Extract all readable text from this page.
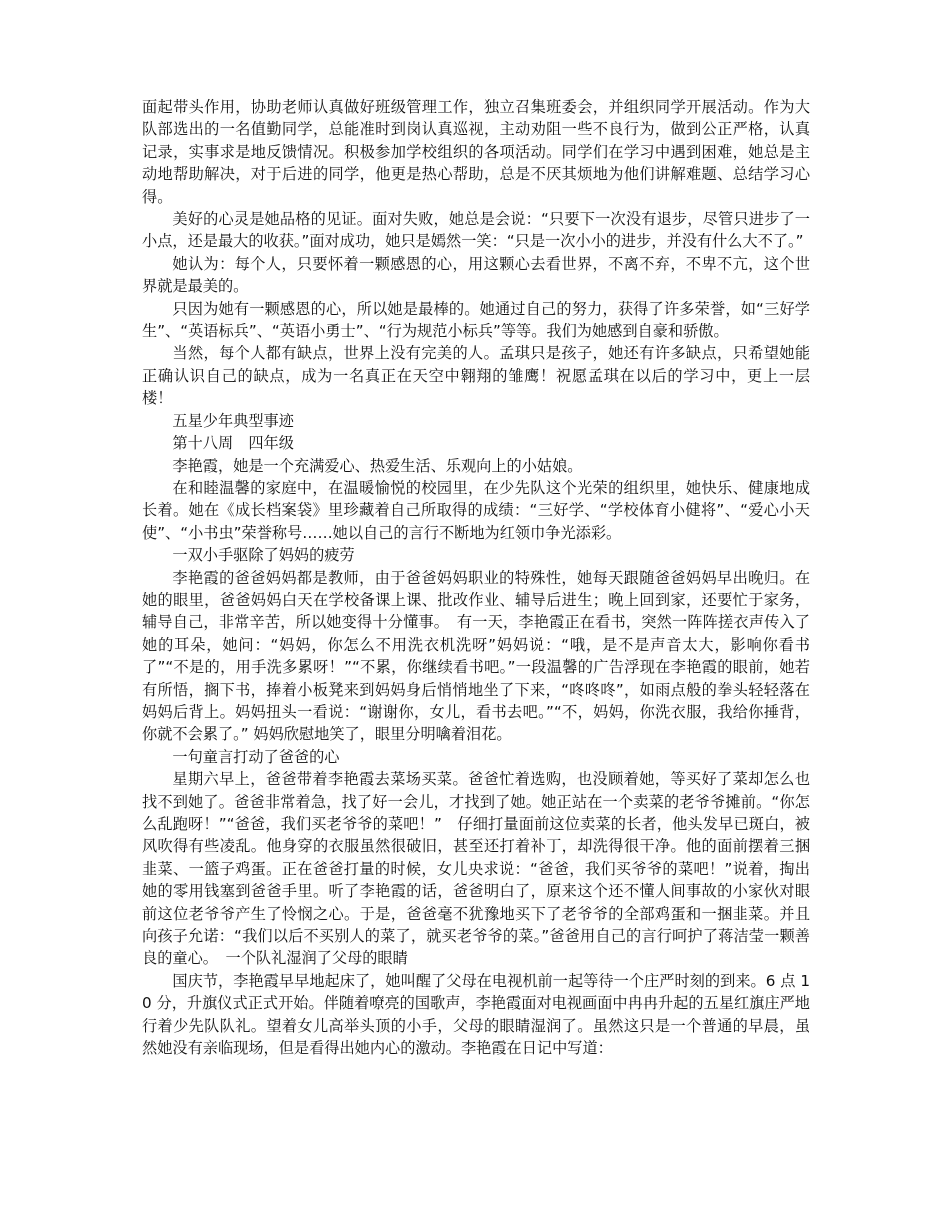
面起带头作用，协助老师认真做好班级管理工作，独立召集班委会，并组织同学开展活动。作为大队部选出的一名值勤同学，总能准时到岗认真巡视，主动劝阻一些不良行为，做到公正严格，认真记录，实事求是地反馈情况。积极参加学校组织的各项活动。同学们在学习中遇到困难，她总是主动地帮助解决，对于后进的同学，他更是热心帮助，总是不厌其烦地为他们讲解难题、总结学习心得。

美好的心灵是她品格的见证。面对失败，她总是会说：“只要下一次没有退步，尽管只进步了一小点，还是最大的收获。”面对成功，她只是嫣然一笑：“只是一次小小的进步，并没有什么大不了。”

她认为：每个人，只要怀着一颗感恩的心，用这颗心去看世界，不离不弃，不卑不亢，这个世界就是最美的。

只因为她有一颗感恩的心，所以她是最棒的。她通过自己的努力，获得了许多荣誉，如“三好学生”、“英语标兵”、“英语小勇士”、“行为规范小标兵”等等。我们为她感到自豪和骄傲。

当然，每个人都有缺点，世界上没有完美的人。孟琪只是孩子，她还有许多缺点，只希望她能正确认识自己的缺点，成为一名真正在天空中翱翔的雏鹰！祝愿孟琪在以后的学习中，更上一层楼！

五星少年典型事迹

第十八周　四年级

李艳霞，她是一个充满爱心、热爱生活、乐观向上的小姑娘。

在和睦温馨的家庭中，在温暖愉悦的校园里，在少先队这个光荣的组织里，她快乐、健康地成长着。她在《成长档案袋》里珍藏着自己所取得的成绩：“三好学、“学校体育小健将”、“爱心小天使”、“小书虫”荣誉称号……她以自己的言行不断地为红领巾争光添彩。

一双小手驱除了妈妈的疲劳

李艳霞的爸爸妈妈都是教师，由于爸爸妈妈职业的特殊性，她每天跟随爸爸妈妈早出晚归。在她的眼里，爸爸妈妈白天在学校备课上课、批改作业、辅导后进生；晚上回到家，还要忙于家务，辅导自己，非常辛苦，所以她变得十分懂事。　有一天，李艳霞正在看书，突然一阵阵搓衣声传入了她的耳朵，她问：“妈妈，你怎么不用洗衣机洗呀”妈妈说：“哦，是不是声音太大，影响你看书了”“不是的，用手洗多累呀！”“不累，你继续看书吧。”一段温馨的广告浮现在李艳霞的眼前，她若有所悟，搁下书，捧着小板凳来到妈妈身后悄悄地坐了下来，“咚咚咚”，如雨点般的拳头轻轻落在妈妈后背上。妈妈扭头一看说：“谢谢你，女儿，看书去吧。”“不，妈妈，你洗衣服，我给你捶背，你就不会累了。” 妈妈欣慰地笑了，眼里分明噙着泪花。

一句童言打动了爸爸的心

星期六早上，爸爸带着李艳霞去菜场买菜。爸爸忙着选购，也没顾着她，等买好了菜却怎么也找不到她了。爸爸非常着急，找了好一会儿，才找到了她。她正站在一个卖菜的老爷爷摊前。“你怎么乱跑呀！”“爸爸，我们买老爷爷的菜吧！”　仔细打量面前这位卖菜的长者，他头发早已斑白，被风吹得有些凌乱。他身穿的衣服虽然很破旧，甚至还打着补丁，却洗得很干净。他的面前摆着三捆韭菜、一篮子鸡蛋。正在爸爸打量的时候，女儿央求说：“爸爸，我们买爷爷的菜吧！”说着，掏出她的零用钱塞到爸爸手里。听了李艳霞的话，爸爸明白了，原来这个还不懂人间事故的小家伙对眼前这位老爷爷产生了怜悯之心。于是，爸爸毫不犹豫地买下了老爷爷的全部鸡蛋和一捆韭菜。并且向孩子允诺：“我们以后不买别人的菜了，就买老爷爷的菜。”爸爸用自己的言行呵护了蒋洁莹一颗善良的童心。　一个队礼湿润了父母的眼睛

国庆节，李艳霞早早地起床了，她叫醒了父母在电视机前一起等待一个庄严时刻的到来。6 点 10 分，升旗仪式正式开始。伴随着嘹亮的国歌声，李艳霞面对电视画面中冉冉升起的五星红旗庄严地行着少先队队礼。望着女儿高举头顶的小手，父母的眼睛湿润了。虽然这只是一个普通的早晨，虽然她没有亲临现场，但是看得出她内心的激动。李艳霞在日记中写道：
